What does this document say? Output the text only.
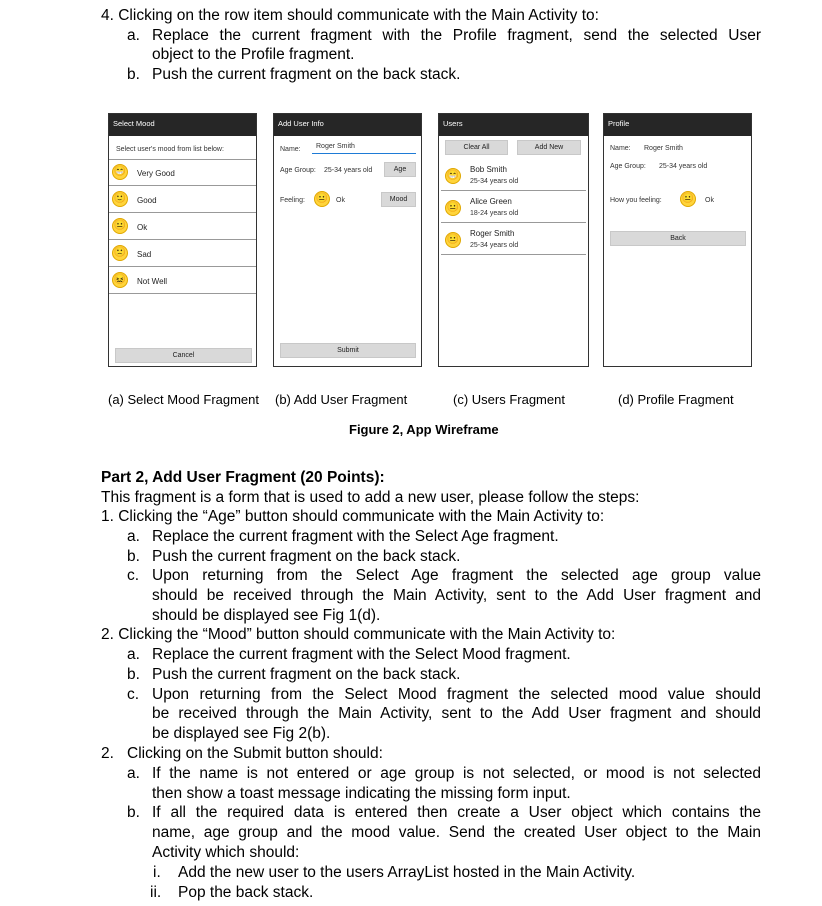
4. Clicking on the row item should communicate with the Main Activity to:
a. Replace the current fragment with the Profile fragment, send the selected User
object to the Profile fragment.
b. Push the current fragment on the back stack.
Select Mood
Select user's mood from list below:
😁 Very Good
🙂 Good
😐 Ok
🙁 Sad
😖 Not Well
Cancel
Add User Info
Name: Roger Smith
Age Group: 25-34 years old	Age
Feeling: 😐 Ok	Mood
Submit
Users
Clear All	Add New
😁
Bob Smith
25-34 years old
😐
Alice Green
18-24 years old
😐
Roger Smith
25-34 years old
Profile
Name: Roger Smith
Age Group: 25-34 years old
How you feeling: 😐 Ok
Back
(a) Select Mood Fragment (b) Add User Fragment	(c) Users Fragment	(d) Profile Fragment
Figure 2, App Wireframe
Part 2, Add User Fragment (20 Points):
This fragment is a form that is used to add a new user, please follow the steps:
1. Clicking the “Age” button should communicate with the Main Activity to:
a. Replace the current fragment with the Select Age fragment.
b. Push the current fragment on the back stack.
c. Upon returning from the Select Age fragment the selected age group value
should be received through the Main Activity, sent to the Add User fragment and
should be displayed see Fig 1(d).
2. Clicking the “Mood” button should communicate with the Main Activity to:
a. Replace the current fragment with the Select Mood fragment.
b. Push the current fragment on the back stack.
c. Upon returning from the Select Mood fragment the selected mood value should
be received through the Main Activity, sent to the Add User fragment and should
be displayed see Fig 2(b).
2. Clicking on the Submit button should:
a. If the name is not entered or age group is not selected, or mood is not selected
then show a toast message indicating the missing form input.
b. If all the required data is entered then create a User object which contains the
name, age group and the mood value. Send the created User object to the Main
Activity which should:
i. Add the new user to the users ArrayList hosted in the Main Activity.
ii. Pop the back stack.
